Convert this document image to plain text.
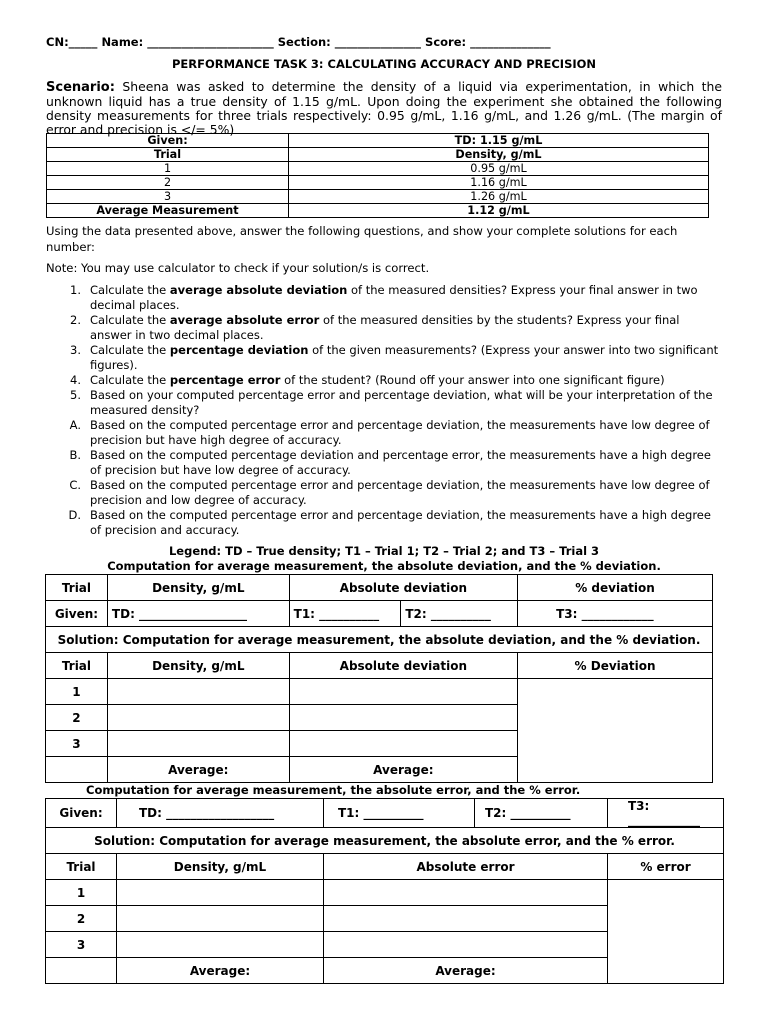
CN:_____ Name: ______________________ Section: _______________ Score: ______________
PERFORMANCE TASK 3: CALCULATING ACCURACY AND PRECISION
Scenario: Sheena was asked to determine the density of a liquid via experimentation, in which the unknown liquid has a true density of 1.15 g/mL. Upon doing the experiment she obtained the following density measurements for three trials respectively: 0.95 g/mL, 1.16 g/mL, and 1.26 g/mL. (The margin of error and precision is </= 5%)
Given:	TD: 1.15 g/mL
Trial	Density, g/mL
1	0.95 g/mL
2	1.16 g/mL
3	1.26 g/mL
Average Measurement	1.12 g/mL
Using the data presented above, answer the following questions, and show your complete solutions for each number:
Note: You may use calculator to check if your solution/s is correct.
1. Calculate the average absolute deviation of the measured densities? Express your final answer in two decimal places.
2. Calculate the average absolute error of the measured densities by the students? Express your final answer in two decimal places.
3. Calculate the percentage deviation of the given measurements? (Express your answer into two significant figures).
4. Calculate the percentage error of the student? (Round off your answer into one significant figure)
5. Based on your computed percentage error and percentage deviation, what will be your interpretation of the measured density?
A. Based on the computed percentage error and percentage deviation, the measurements have low degree of precision but have high degree of accuracy.
B. Based on the computed percentage deviation and percentage error, the measurements have a high degree of precision but have low degree of accuracy.
C. Based on the computed percentage error and percentage deviation, the measurements have low degree of precision and low degree of accuracy.
D. Based on the computed percentage error and percentage deviation, the measurements have a high degree of precision and accuracy.
Legend: TD – True density; T1 – Trial 1; T2 – Trial 2; and T3 – Trial 3
Computation for average measurement, the absolute deviation, and the % deviation.
Trial	Density, g/mL	Absolute deviation		% deviation
Given:	TD: __________________	T1: __________	T2: __________	T3: ____________
Solution: Computation for average measurement, the absolute deviation, and the % deviation.				
Trial	Density, g/mL	Absolute deviation		% Deviation
1				
2				
3				
	Average:	Average:		
Computation for average measurement, the absolute error, and the % error.
Given:	TD: __________________	T1: __________	T2: __________	T3: ____________
Solution: Computation for average measurement, the absolute error, and the % error.				
Trial	Density, g/mL	Absolute error		% error
1				
2				
3				
	Average:	Average:		
